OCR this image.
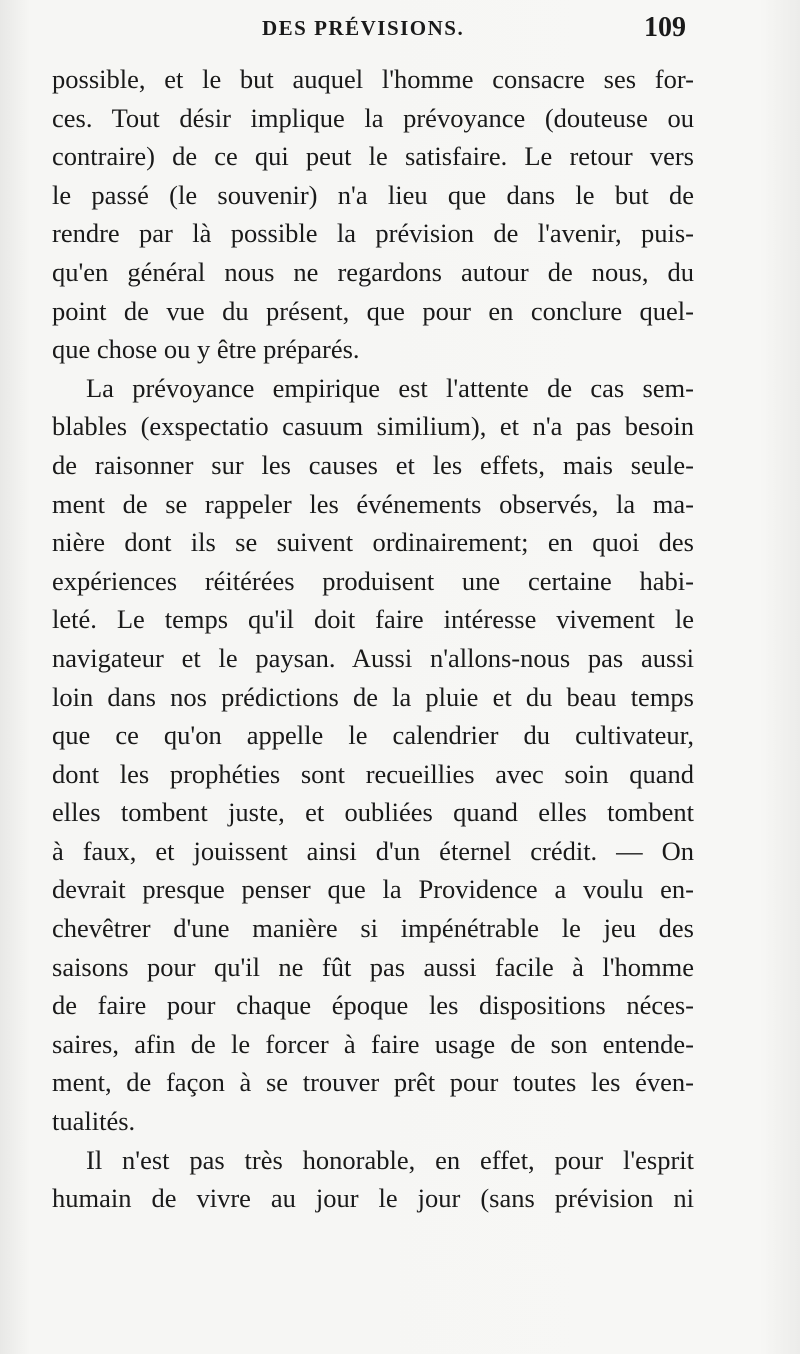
DES PRÉVISIONS.	109
possible, et le but auquel l'homme consacre ses for-
ces. Tout désir implique la prévoyance (douteuse ou
contraire) de ce qui peut le satisfaire. Le retour vers
le passé (le souvenir) n'a lieu que dans le but de
rendre par là possible la prévision de l'avenir, puis-
qu'en général nous ne regardons autour de nous, du
point de vue du présent, que pour en conclure quel-
que chose ou y être préparés.
La prévoyance empirique est l'attente de cas sem-
blables (exspectatio casuum similium), et n'a pas besoin
de raisonner sur les causes et les effets, mais seule-
ment de se rappeler les événements observés, la ma-
nière dont ils se suivent ordinairement; en quoi des
expériences réitérées produisent une certaine habi-
leté. Le temps qu'il doit faire intéresse vivement le
navigateur et le paysan. Aussi n'allons-nous pas aussi
loin dans nos prédictions de la pluie et du beau temps
que ce qu'on appelle le calendrier du cultivateur,
dont les prophéties sont recueillies avec soin quand
elles tombent juste, et oubliées quand elles tombent
à faux, et jouissent ainsi d'un éternel crédit. — On
devrait presque penser que la Providence a voulu en-
chevêtrer d'une manière si impénétrable le jeu des
saisons pour qu'il ne fût pas aussi facile à l'homme
de faire pour chaque époque les dispositions néces-
saires, afin de le forcer à faire usage de son entende-
ment, de façon à se trouver prêt pour toutes les éven-
tualités.
Il n'est pas très honorable, en effet, pour l'esprit
humain de vivre au jour le jour (sans prévision ni
